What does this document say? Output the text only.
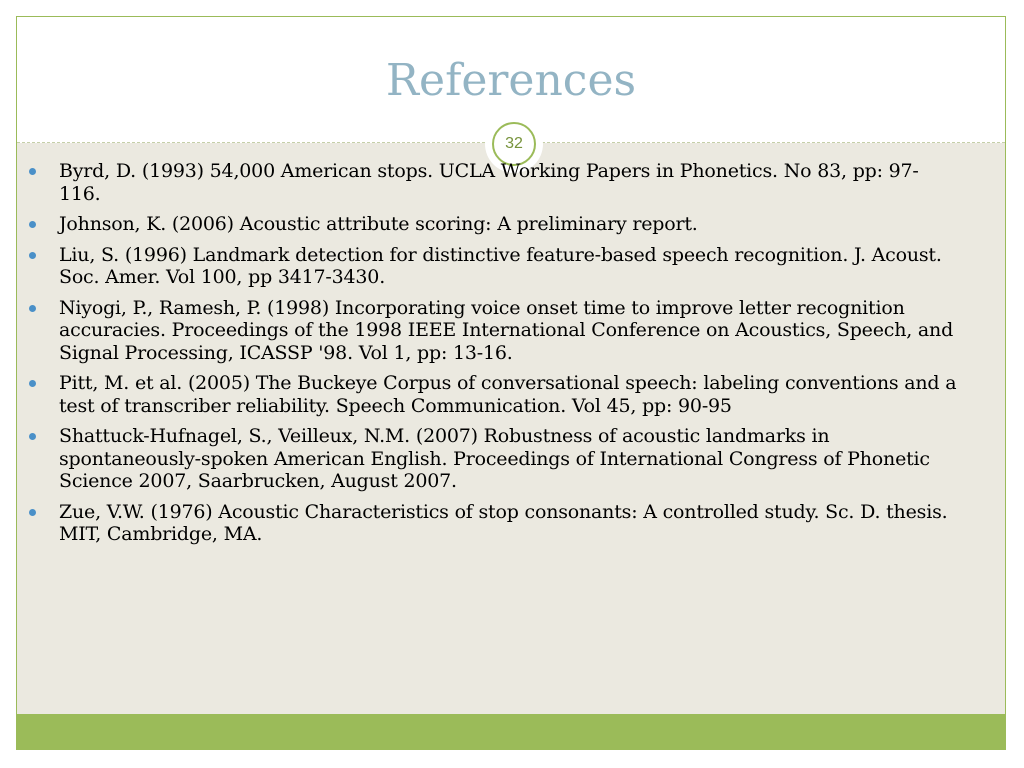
References
32
Byrd, D. (1993) 54,000 American stops. UCLA Working Papers in Phonetics. No 83, pp: 97-116.
Johnson, K. (2006) Acoustic attribute scoring: A preliminary report.
Liu, S. (1996) Landmark detection for distinctive feature-based speech recognition. J. Acoust. Soc. Amer. Vol 100, pp 3417-3430.
Niyogi, P., Ramesh, P. (1998) Incorporating voice onset time to improve letter recognition accuracies. Proceedings of the 1998 IEEE International Conference on Acoustics, Speech, and Signal Processing, ICASSP '98. Vol 1, pp: 13-16.
Pitt, M. et al. (2005) The Buckeye Corpus of conversational speech: labeling conventions and a test of transcriber reliability. Speech Communication. Vol 45, pp: 90-95
Shattuck-Hufnagel, S., Veilleux, N.M. (2007) Robustness of acoustic landmarks in spontaneously-spoken American English. Proceedings of International Congress of Phonetic Science 2007, Saarbrucken, August 2007.
Zue, V.W. (1976) Acoustic Characteristics of stop consonants: A controlled study. Sc. D. thesis. MIT, Cambridge, MA.
